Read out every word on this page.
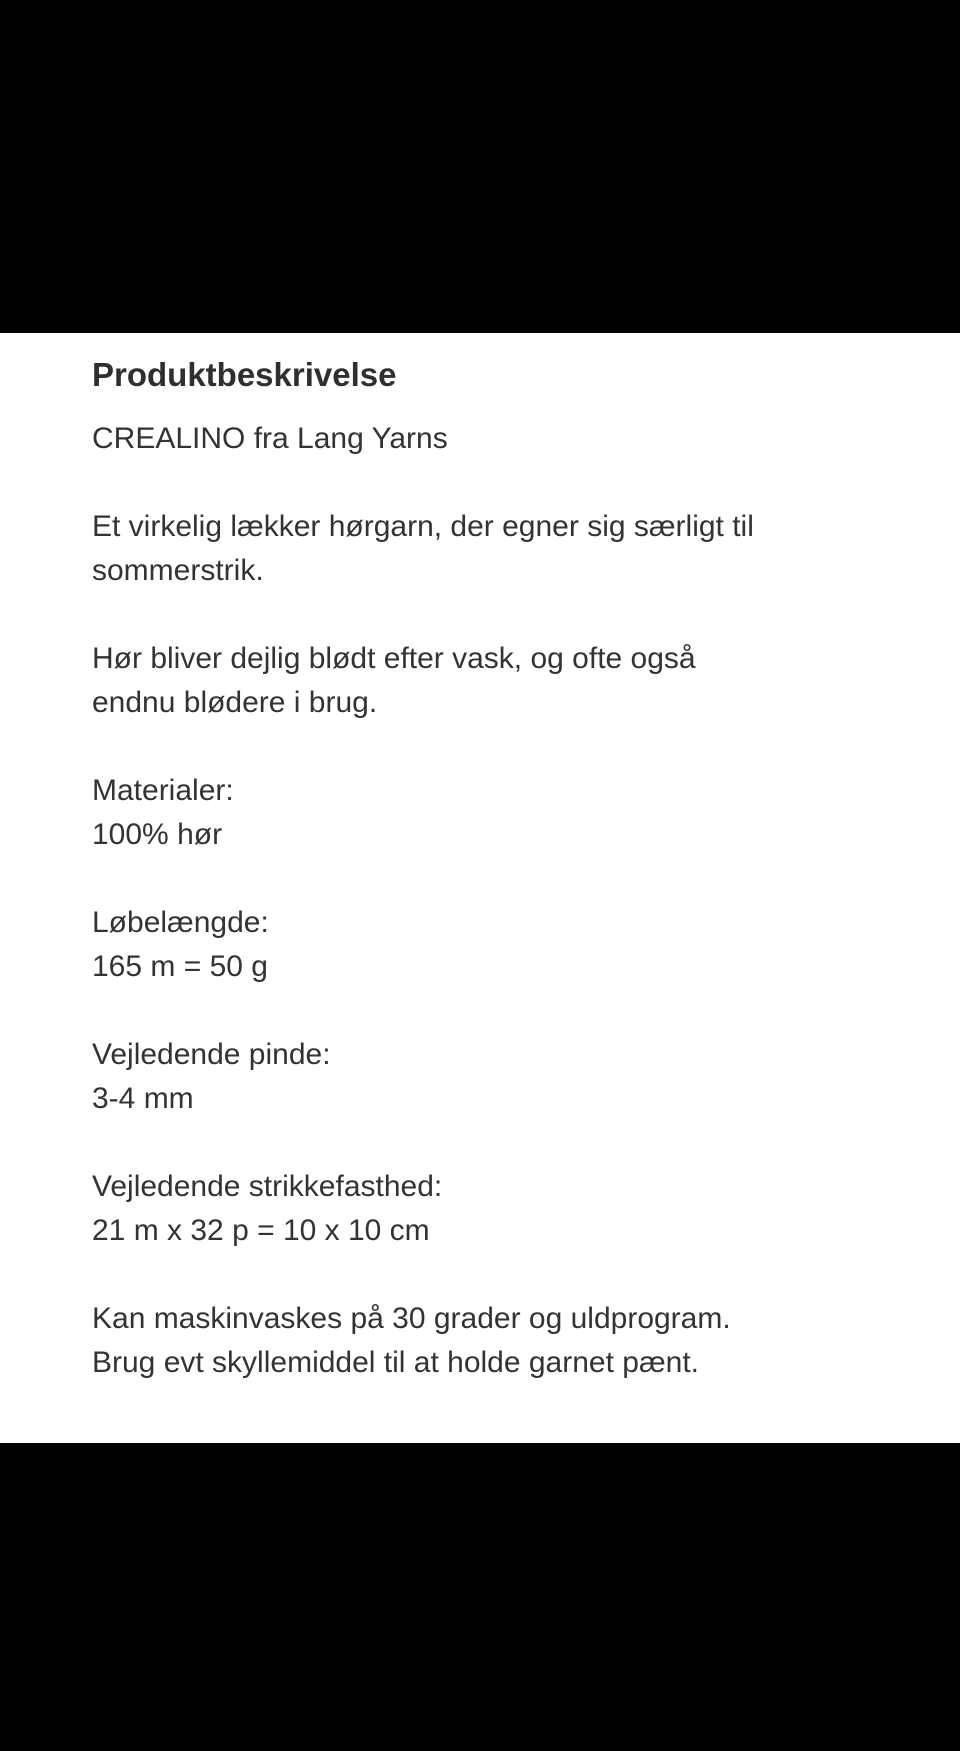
Produktbeskrivelse

CREALINO fra Lang Yarns

Et virkelig lækker hørgarn, der egner sig særligt til

sommerstrik.

Hør bliver dejlig blødt efter vask, og ofte også

endnu blødere i brug.

Materialer:

100% hør

Løbelængde:

165 m = 50 g

Vejledende pinde:

3-4 mm

Vejledende strikkefasthed:

21 m x 32 p = 10 x 10 cm

Kan maskinvaskes på 30 grader og uldprogram.

Brug evt skyllemiddel til at holde garnet pænt.
